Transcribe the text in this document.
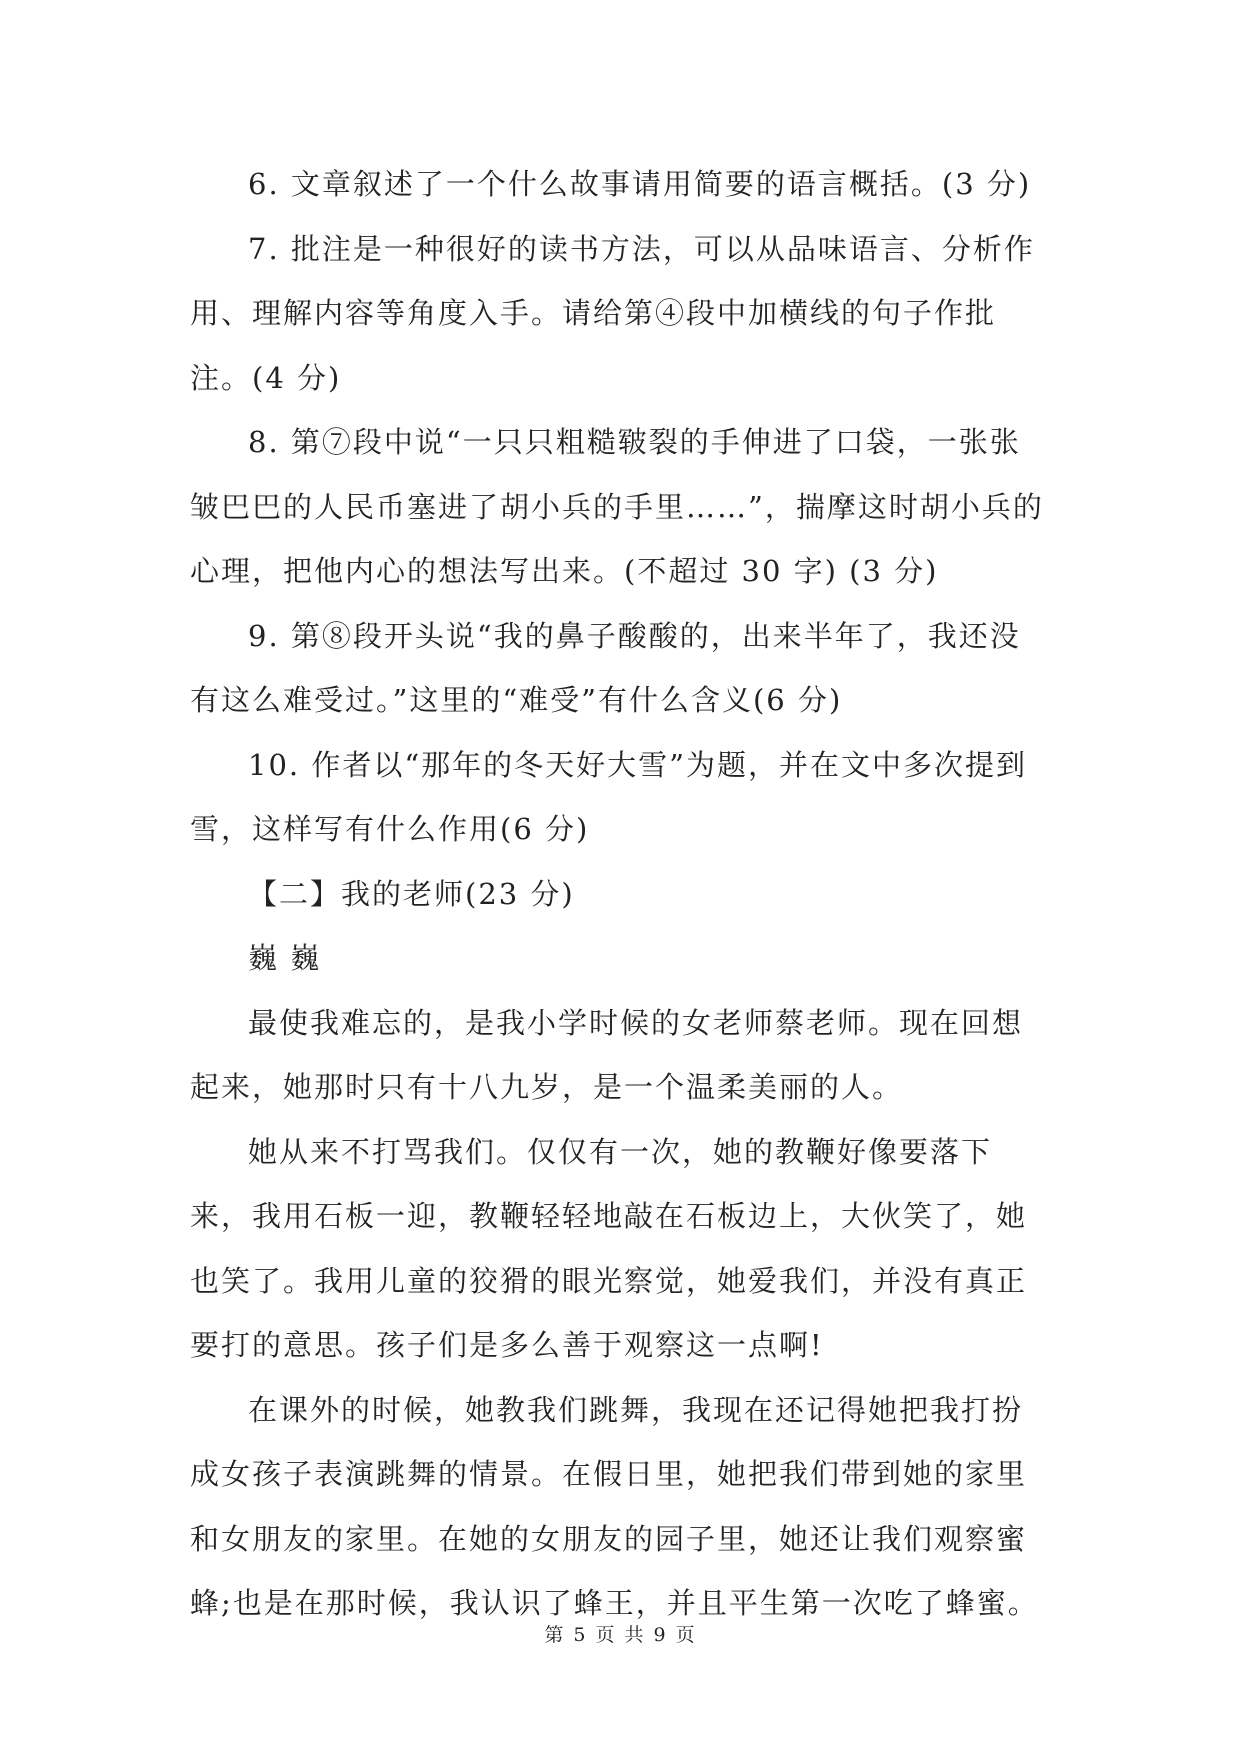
6. 文章叙述了一个什么故事请用简要的语言概括。(3 分)

7. 批注是一种很好的读书方法，可以从品味语言、分析作用、理解内容等角度入手。请给第④段中加横线的句子作批注。(4 分)

8. 第⑦段中说“一只只粗糙皲裂的手伸进了口袋，一张张皱巴巴的人民币塞进了胡小兵的手里……”，揣摩这时胡小兵的心理，把他内心的想法写出来。(不超过 30 字) (3 分)

9. 第⑧段开头说“我的鼻子酸酸的，出来半年了，我还没有这么难受过。”这里的“难受”有什么含义(6 分)

10. 作者以“那年的冬天好大雪”为题，并在文中多次提到雪，这样写有什么作用(6 分)

【二】我的老师(23 分)

巍 巍

最使我难忘的，是我小学时候的女老师蔡老师。现在回想起来，她那时只有十八九岁，是一个温柔美丽的人。

她从来不打骂我们。仅仅有一次，她的教鞭好像要落下来，我用石板一迎，教鞭轻轻地敲在石板边上，大伙笑了，她也笑了。我用儿童的狡猾的眼光察觉，她爱我们，并没有真正要打的意思。孩子们是多么善于观察这一点啊!

在课外的时候，她教我们跳舞，我现在还记得她把我打扮成女孩子表演跳舞的情景。在假日里，她把我们带到她的家里和女朋友的家里。在她的女朋友的园子里，她还让我们观察蜜蜂;也是在那时候，我认识了蜂王，并且平生第一次吃了蜂蜜。

第 5 页 共 9 页
